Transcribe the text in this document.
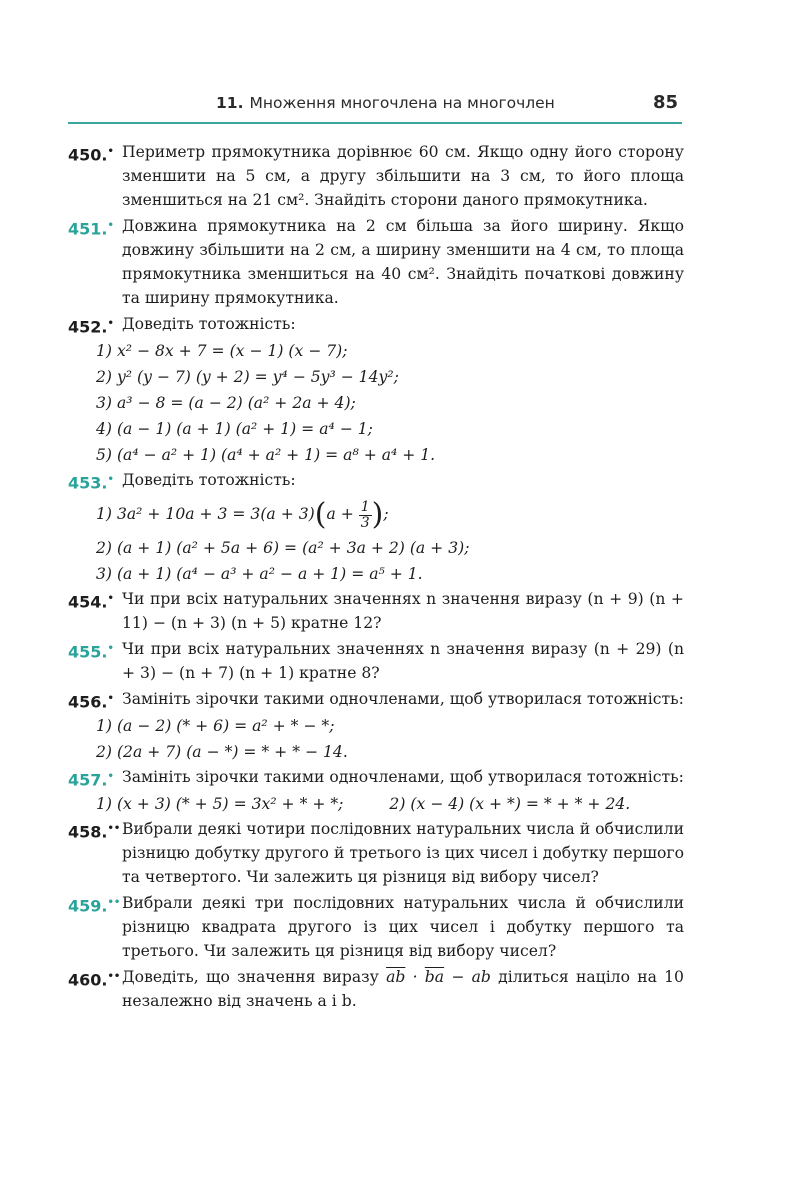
11. Множення многочлена на многочлен	85
450.• Периметр прямокутника дорівнює 60 см. Якщо одну його сторону зменшити на 5 см, а другу збільшити на 3 см, то його площа зменшиться на 21 см². Знайдіть сторони даного прямокутника.
451.• Довжина прямокутника на 2 см більша за його ширину. Якщо довжину збільшити на 2 см, а ширину зменшити на 4 см, то площа прямокутника зменшиться на 40 см². Знайдіть початкові довжину та ширину прямокутника.
452.• Доведіть тотожність:
1) x² − 8x + 7 = (x − 1) (x − 7);
2) y² (y − 7) (y + 2) = y⁴ − 5y³ − 14y²;
3) a³ − 8 = (a − 2) (a² + 2a + 4);
4) (a − 1) (a + 1) (a² + 1) = a⁴ − 1;
5) (a⁴ − a² + 1) (a⁴ + a² + 1) = a⁸ + a⁴ + 1.
453.• Доведіть тотожність:
1) $3a^2 + 10a + 3 = 3(a + 3)(a + \frac{1}{3}$ );
2) (a + 1) (a² + 5a + 6) = (a² + 3a + 2) (a + 3);
3) (a + 1) (a⁴ − a³ + a² − a + 1) = a⁵ + 1.
454.• Чи при всіх натуральних значеннях n значення виразу (n + 9) (n + 11) − (n + 3) (n + 5) кратне 12?
455.• Чи при всіх натуральних значеннях n значення виразу (n + 29) (n + 3) − (n + 7) (n + 1) кратне 8?
456.• Замініть зірочки такими одночленами, щоб утворилася тотожність:
1) (a − 2) (* + 6) = a² + * − *;
2) (2a + 7) (a − *) = * + * − 14.
457.• Замініть зірочки такими одночленами, щоб утворилася тотожність:
1) (x + 3) (* + 5) = 3x² + * + *;	2) (x − 4) (x + *) = * + * + 24.
458.•• Вибрали деякі чотири послідовних натуральних числа й обчислили різницю добутку другого й третього із цих чисел і добутку першого та четвертого. Чи залежить ця різниця від вибору чисел?
459.•• Вибрали деякі три послідовних натуральних числа й обчислили різницю квадрата другого із цих чисел і добутку першого та третього. Чи залежить ця різниця від вибору чисел?
460.•• Доведіть, що значення виразу $\overline{ab} \cdot \overline{ba}$ − ab ділиться націло на 10 незалежно від значень a і b.
